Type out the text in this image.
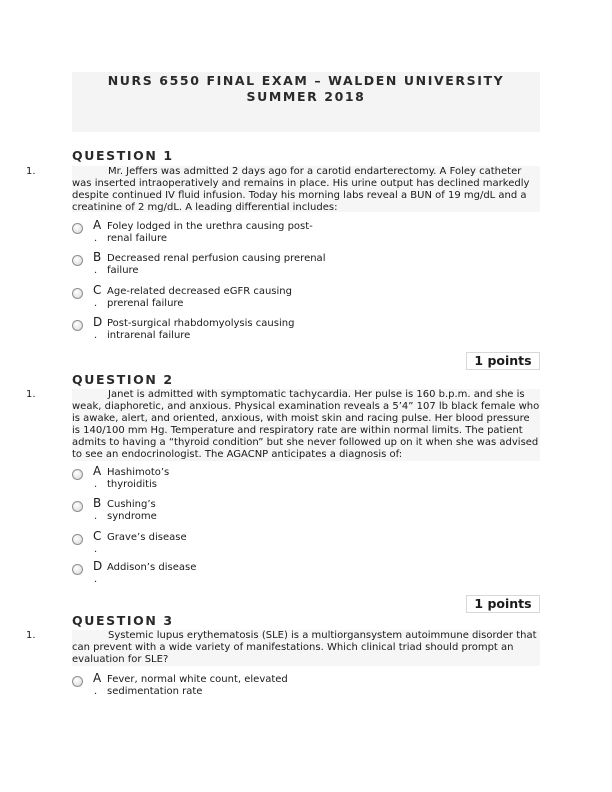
NURS 6550 FINAL EXAM – WALDEN UNIVERSITY
SUMMER 2018
QUESTION 1
1.	Mr. Jeffers was admitted 2 days ago for a carotid endarterectomy. A Foley catheter was inserted intraoperatively and remains in place. His urine output has declined markedly despite continued IV fluid infusion. Today his morning labs reveal a BUN of 19 mg/dL and a creatinine of 2 mg/dL. A leading differential includes:

A
.
Foley lodged in the urethra causing post-renal failure
B
.
Decreased renal perfusion causing prerenal failure
C
.
Age-related decreased eGFR causing prerenal failure
D
.
Post-surgical rhabdomyolysis causing intrarenal failure
1 points
QUESTION 2
1.	Janet is admitted with symptomatic tachycardia. Her pulse is 160 b.p.m. and she is weak, diaphoretic, and anxious. Physical examination reveals a 5’4” 107 lb black female who is awake, alert, and oriented, anxious, with moist skin and racing pulse. Her blood pressure is 140/100 mm Hg. Temperature and respiratory rate are within normal limits. The patient admits to having a “thyroid condition” but she never followed up on it when she was advised to see an endocrinologist. The AGACNP anticipates a diagnosis of:

A
.
Hashimoto’s thyroiditis
B
.
Cushing’s syndrome
C
.
Grave’s disease
D
.
Addison’s disease
1 points
QUESTION 3
1.	Systemic lupus erythematosis (SLE) is a multiorgansystem autoimmune disorder that can prevent with a wide variety of manifestations. Which clinical triad should prompt an evaluation for SLE?

A
.
Fever, normal white count, elevated sedimentation rate
